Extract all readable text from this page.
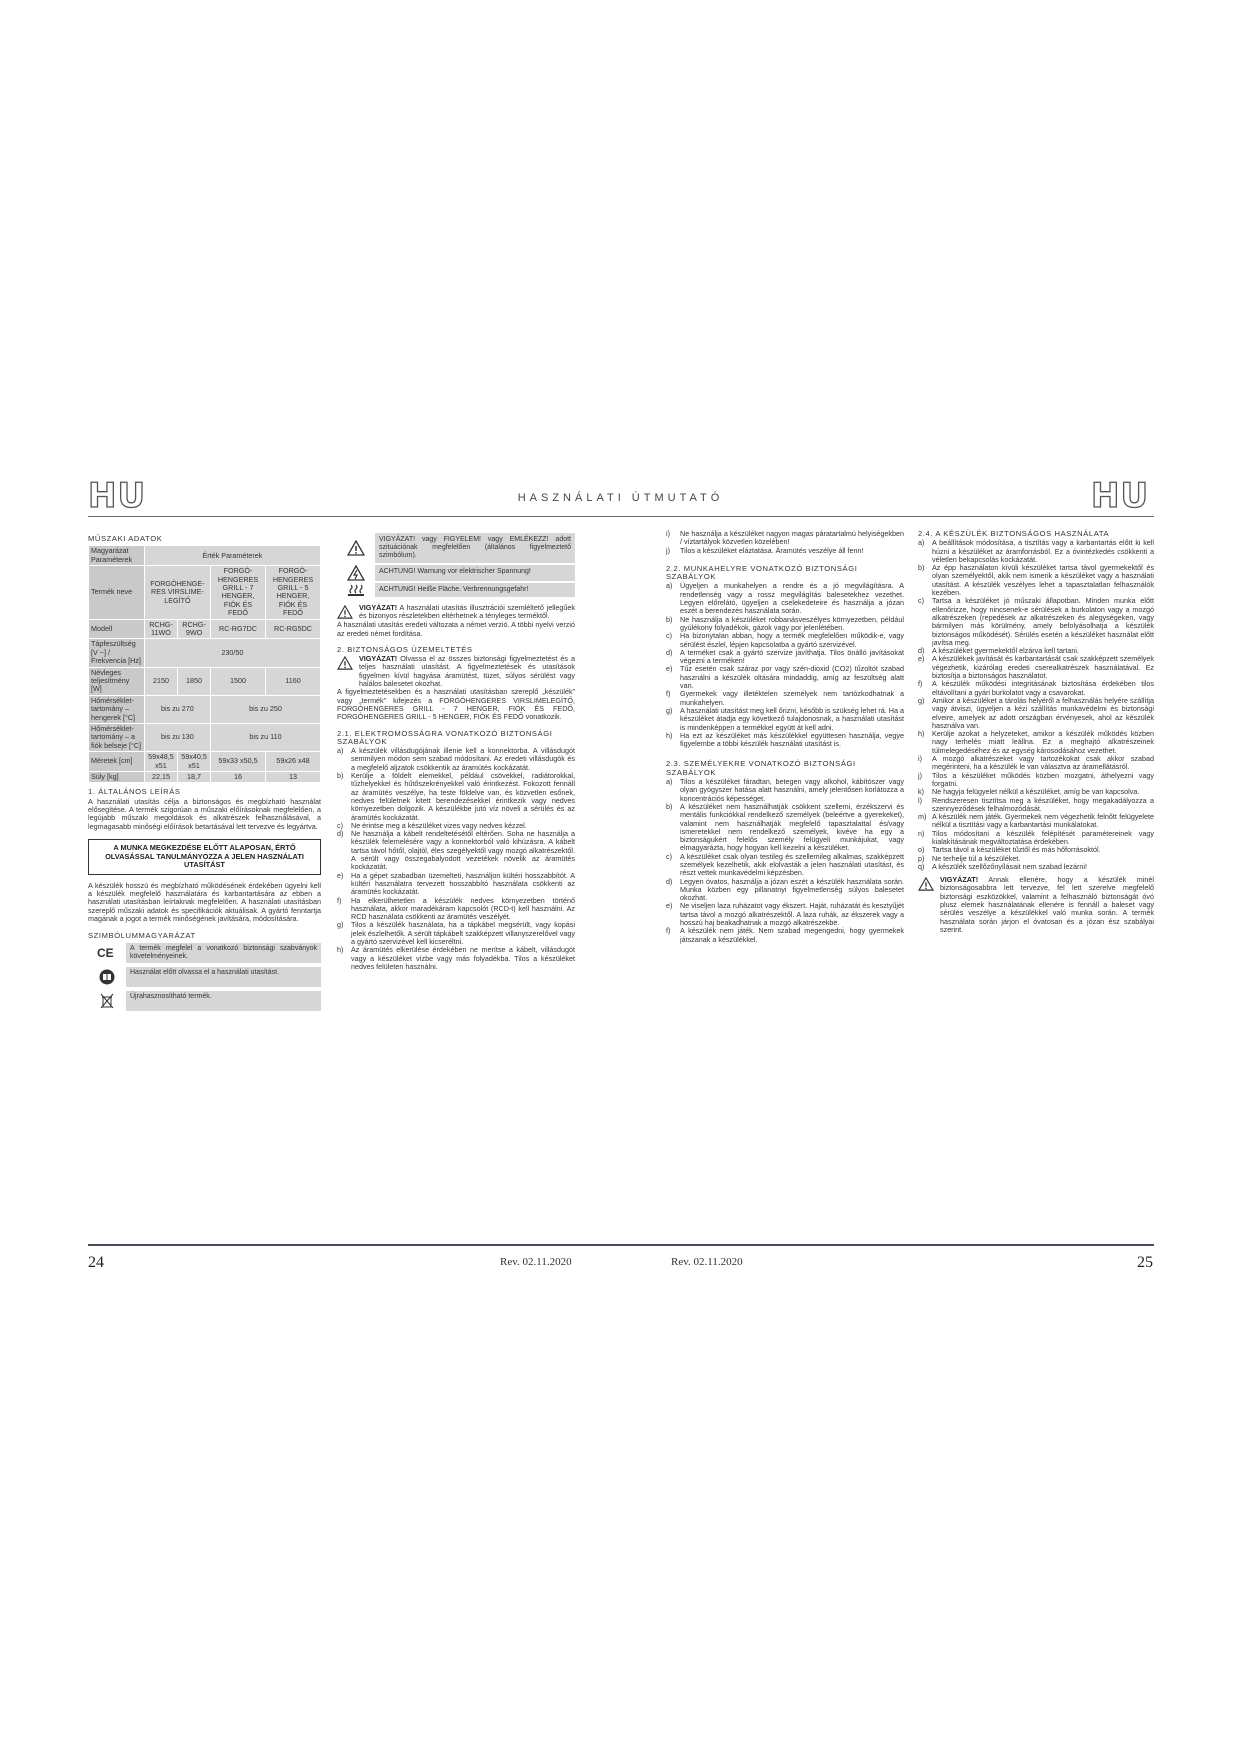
HU	HASZNÁLATI ÚTMUTATÓ	HU
MŰSZAKI ADATOK
Magyarázat Paraméterek	Érték Paraméterek			
Termék neve	FORGÓHENGE-RES VIRSLIME-LEGÍTŐ		FORGÓ-HENGERES GRILL - 7 HENGER, FIÓK ÉS FEDŐ	FORGÓ-HENGERES GRILL - 5 HENGER, FIÓK ÉS FEDŐ
Modell	RCHG-11WO	RCHG-9WO	RC-RG7DC	RC-RG5DC
Tápfeszültség [V ~] / Frekvencia [Hz]	230/50			
Névleges teljesítmény [W]	2150	1850	1500	1160
Hőmérséklet-tartomány – hengerek [°C]	bis zu 270		bis zu 250	
Hőmérséklet-tartomány – a fiók belseje [°C]	bis zu 130		bis zu 110	
Méretek [cm]	59x48,5 x51	59x40,5 x51	59x33 x50,5	59x26 x48
Súly [kg]	22,15	18,7	16	13
1. ÁLTALÁNOS LEÍRÁS

A használati utasítás célja a biztonságos és megbízható használat elősegítése. A termék szigorúan a műszaki előírásoknak megfelelően, a legújabb műszaki megoldások és alkatrészek felhasználásával, a legmagasabb minőségi előírások betartásával lett tervezve és legyártva.

A MUNKA MEGKEZDÉSE ELŐTT ALAPOSAN, ÉRTŐ OLVASÁSSAL TANULMÁNYOZZA A JELEN HASZNÁLATI UTASÍTÁST

A készülék hosszú és megbízható működésének érdekében ügyelni kell a készülék megfelelő használatára és karbantartására az ebben a használati utasításban leírtaknak megfelelően. A használati utasításban szereplő műszaki adatok és specifikációk aktuálisak. A gyártó fenntartja magának a jogot a termék minőségének javítására, módosítására.

SZIMBÓLUMMAGYARÁZAT
CE	A termék megfelel a vonatkozó biztonsági szabványok követelményeinek.
Használat előtt olvassa el a használati utasítást.
Újrahasznosítható termék.
VIGYÁZAT! vagy FIGYELEM! vagy EMLÉKEZZ! adott szituációnak megfelelően (általános figyelmeztető szimbólum).
ACHTUNG! Warnung vor elektrischer Spannung!
ACHTUNG! Heiße Fläche. Verbrennungsgefahr!
VIGYÁZAT! A használati utasítás illusztrációi szemléltető jellegűek és bizonyos részletekben eltérhetnek a tényleges terméktől.

A használati utasítás eredeti változata a német verzió. A többi nyelvi verzió az eredeti német fordítása.

2. BIZTONSÁGOS ÜZEMELTETÉS
VIGYÁZAT! Olvassa el az összes biztonsági figyelmeztetést és a teljes használati utasítást. A figyelmeztetések és utasítások figyelmen kívül hagyása áramütést, tüzet, súlyos sérülést vagy halálos balesetet okozhat.

A figyelmeztetésekben és a használati utasításban szereplő „készülék” vagy „termék” kifejezés a FORGÓHENGERES VIRSLIMELEGÍTŐ, FORGÓHENGERES GRILL - 7 HENGER, FIÓK ÉS FEDŐ, FORGÓHENGERES GRILL - 5 HENGER, FIÓK ÉS FEDŐ vonatkozik.

2.1. ELEKTROMOSSÁGRA VONATKOZÓ BIZTONSÁGI SZABÁLYOK
a)	A készülék villásdugójának illenie kell a konnektorba. A villásdugót semmilyen módon sem szabad módosítani. Az eredeti villásdugók és a megfelelő aljzatok csökkentik az áramütés kockázatát.
b)	Kerülje a földelt elemekkel, például csövekkel, radiátorokkal, tűzhelyekkel és hűtőszekrényekkel való érintkezést. Fokozott fennáll az áramütés veszélye, ha teste földelve van, és közvetlen esőnek, nedves felületnek kitett berendezésekkel érintkezik vagy nedves környezetben dolgozik. A készülékbe jutó víz növeli a sérülés és az áramütés kockázatát.
c)	Ne érintse meg a készüléket vizes vagy nedves kézzel.
d)	Ne használja a kábelt rendeltetésétől eltérően. Soha ne használja a készülék felemelésére vagy a konnektorból való kihúzásra. A kábelt tartsa távol hőtől, olajtól, éles szegélyektől vagy mozgó alkatrészektől. A sérült vagy összegabalyodott vezetékek növelik az áramütés kockázatát.
e)	Ha a gépet szabadban üzemelteti, használjon kültéri hosszabbítót. A kültéri használatra tervezett hosszabbító használata csökkenti az áramütés kockázatát.
f)	Ha elkerülhetetlen a készülék nedves környezetben történő használata, akkor maradékáram kapcsolót (RCD-t) kell használni. Az RCD használata csökkenti az áramütés veszélyét.
g)	Tilos a készülék használata, ha a tápkábel megsérült, vagy kopási jelek észlelhetők. A sérült tápkábelt szakképzett villanyszerelővel vagy a gyártó szervizével kell kicseréltni.
h)	Az áramütés elkerülése érdekében ne merítse a kábelt, villásdugót vagy a készüléket vízbe vagy más folyadékba. Tilos a készüléket nedves felületen használni.
i)	Ne használja a készüléket nagyon magas páratartalmú helyiségekben / víztartályok közvetlen közelében!
j)	Tilos a készüléket eláztatása. Áramütés veszélye áll fenn!
2.2. MUNKAHELYRE VONATKOZÓ BIZTONSÁGI SZABÁLYOK
a)	Ügyeljen a munkahelyen a rendre és a jó megvilágításra. A rendetlenség vagy a rossz megvilágítás balesetekhez vezethet. Legyen előrelátó, ügyeljen a cselekedeteire és használja a józan eszét a berendezés használata során.
b)	Ne használja a készüléket robbanásveszélyes környezetben, például gyúlékony folyadékok, gázok vagy por jelenlétében.
c)	Ha bizonytalan abban, hogy a termék megfelelően működik-e, vagy sérülést észlel, lépjen kapcsolatba a gyártó szervizével.
d)	A terméket csak a gyártó szervize javíthatja. Tilos önálló javításokat végezni a terméken!
e)	Tűz esetén csak száraz por vagy szén-dioxid (CO2) tűzoltót szabad használni a készülék oltására mindaddig, amíg az feszültség alatt van.
f)	Gyermekek vagy illetéktelen személyek nem tartózkodhatnak a munkahelyen.
g)	A használati utasítást meg kell őrizni, később is szükség lehet rá. Ha a készüléket átadja egy következő tulajdonosnak, a használati utasítást is mindenképpen a termékkel együtt át kell adni.
h)	Ha ezt az készüléket más készülékkel együttesen használja, vegye figyelembe a többi készülék használati utasítást is.
2.3. SZEMÉLYEKRE VONATKOZÓ BIZTONSÁGI SZABÁLYOK
a)	Tilos a készüléket fáradtan, betegen vagy alkohol, kábítószer vagy olyan gyógyszer hatása alatt használni, amely jelentősen korlátozza a koncentrációs képességet.
b)	A készüléket nem használhatják csökkent szellemi, érzékszervi és mentális funkciókkal rendelkező személyek (beleértve a gyerekeket), valamint nem használhatják megfelelő tapasztalattal és/vagy ismeretekkel nem rendelkező személyek, kivéve ha egy a biztonságukért felelős személy felügyeli munkájukat, vagy elmagyarázta, hogy hogyan kell kezelni a készüléket.
c)	A készüléket csak olyan testileg és szellemileg alkalmas, szakképzett személyek kezelhetik, akik elolvasták a jelen használati utasítást, és részt vettek munkavédelmi képzésben.
d)	Legyen óvatos, használja a józan eszét a készülék használata során. Munka közben egy pillanatnyi figyelmetlenség súlyos balesetet okozhat.
e)	Ne viseljen laza ruházatot vagy ékszert. Haját, ruházatát és kesztyűjét tartsa távol a mozgó alkatrészektől. A laza ruhák, az ékszerek vagy a hosszú haj beakadhatnak a mozgó alkatrészekbe.
f)	A készülék nem játék. Nem szabad megengedni, hogy gyermekek játszanak a készülékkel.
2.4. A KÉSZÜLÉK BIZTONSÁGOS HASZNÁLATA
a)	A beállítások módosítása, a tisztítás vagy a karbantartás előtt ki kell húzni a készüléket az áramforrásból. Ez a óvintézkedés csökkenti a véletlen bekapcsolás kockázatát.
b)	Az épp használaton kívüli készüléket tartsa távol gyermekektől és olyan személyektől, akik nem ismerik a készüléket vagy a használati utasítást. A készülék veszélyes lehet a tapasztalatlan felhasználók kezében.
c)	Tartsa a készüléket jó műszaki állapotban. Minden munka előtt ellenőrizze, hogy nincsenek-e sérülések a burkolaton vagy a mozgó alkatrészeken (repedések az alkatrészeken és alegységeken, vagy bármilyen más körülmény, amely befolyásolhatja a készülék biztonságos működését). Sérülés esetén a készüléket használat előtt javítsa meg.
d)	A készüléket gyermekektől elzárva kell tartani.
e)	A készülékek javítását és karbantartását csak szakképzett személyek végezhetik, kizárólag eredeti cserealkatrészek használatával. Ez biztosítja a biztonságos használatot.
f)	A készülék működési integritásának biztosítása érdekében tilos eltávolítani a gyári burkolatot vagy a csavarokat.
g)	Amikor a készüléket a tárolás helyéről a felhasználás helyére szállítja vagy átviszi, ügyeljen a kézi szállítás munkavédelmi és biztonsági elveire, amelyek az adott országban érvényesek, ahol az készülék használva van.
h)	Kerülje azokat a helyzeteket, amikor a készülék működés közben nagy terhelés miatt leállna. Ez a meghajtó alkatrészeinek túlmelegedéséhez és az egység károsodásához vezethet.
i)	A mozgó alkatrészeket vagy tartozékokat csak akkor szabad megérinteni, ha a készülék le van választva az áramellátásról.
j)	Tilos a készüléket működés közben mozgatni, áthelyezni vagy forgatni.
k)	Ne hagyja felügyelet nélkül a készüléket, amíg be van kapcsolva.
l)	Rendszeresen tisztítsa meg a készüléket, hogy megakadályozza a szennyeződések felhalmozódását.
m) A készülék nem játék. Gyermekek nem végezhetik felnőtt felügyelete nélkül a tisztítási vagy a karbantartási munkálatokat.
n)	Tilos módosítani a készülék felépítését paramétereinek vagy kialakításának megváltoztatása érdekében.
o)	Tartsa távol a készüléket tűztől és más hőforrásoktól.
p)	Ne terhelje túl a készüléket.
q)	A készülék szellőzőnyílásait nem szabad lezárni!
VIGYÁZAT! Annak ellenére, hogy a készülék minél biztonságosabbra lett tervezve, fel lett szerelve megfelelő biztonsági eszközökkel, valamint a felhasználó biztonságát óvó plusz elemek használatának ellenére is fennáll a baleset vagy sérülés veszélye a készülékkel való munka során. A termék használata során járjon el óvatosan és a józan ész szabályai szerint.
24	Rev. 02.11.2020	Rev. 02.11.2020	25
